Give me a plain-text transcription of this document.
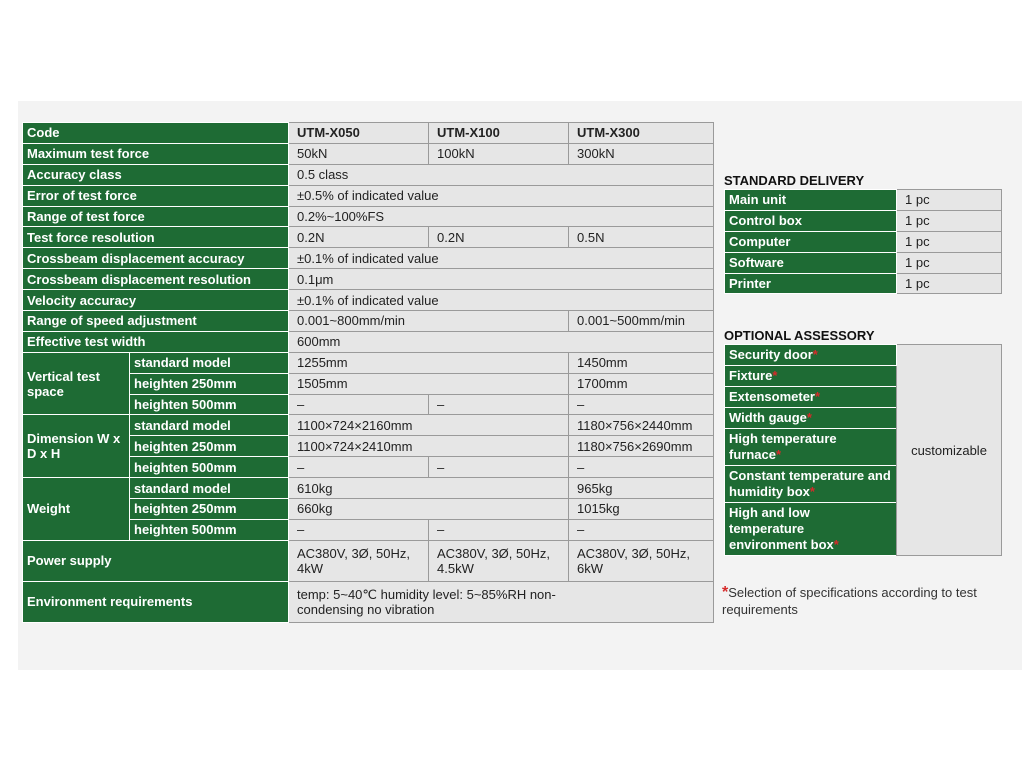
Code		UTM-X050	UTM-X100	UTM-X300
Maximum test force		50kN	100kN	300kN
Accuracy class		0.5 class		
Error of test force		±0.5% of indicated value		
Range of test force		0.2%~100%FS		
Test force resolution		0.2N	0.2N	0.5N
Crossbeam displacement accuracy		±0.1% of indicated value		
Crossbeam displacement resolution		0.1μm		
Velocity accuracy		±0.1% of indicated value		
Range of speed adjustment		0.001~800mm/min		0.001~500mm/min
Effective test width		600mm		
Vertical test space	standard model	1255mm		1450mm
	heighten 250mm	1505mm		1700mm
	heighten 500mm	–	–	–
Dimension W x D x H	standard model	1100×724×2160mm		1180×756×2440mm
	heighten 250mm	1100×724×2410mm		1180×756×2690mm
	heighten 500mm	–	–	–
Weight	standard model	610kg		965kg
	heighten 250mm	660kg		1015kg
	heighten 500mm	–	–	–
Power supply		AC380V, 3Ø, 50Hz, 4kW	AC380V, 3Ø, 50Hz, 4.5kW	AC380V, 3Ø, 50Hz, 6kW
Environment requirements		temp: 5~40℃ humidity level: 5~85%RH non-condensing no vibration		
STANDARD DELIVERY
Main unit	1 pc
Control box	1 pc
Computer	1 pc
Software	1 pc
Printer	1 pc
OPTIONAL ASSESSORY
Security door*	customizable
Fixture*
Extensometer*
Width gauge*
High temperature furnace*
Constant temperature and humidity box*
High and low temperature environment box*
*Selection of specifications according to test requirements
